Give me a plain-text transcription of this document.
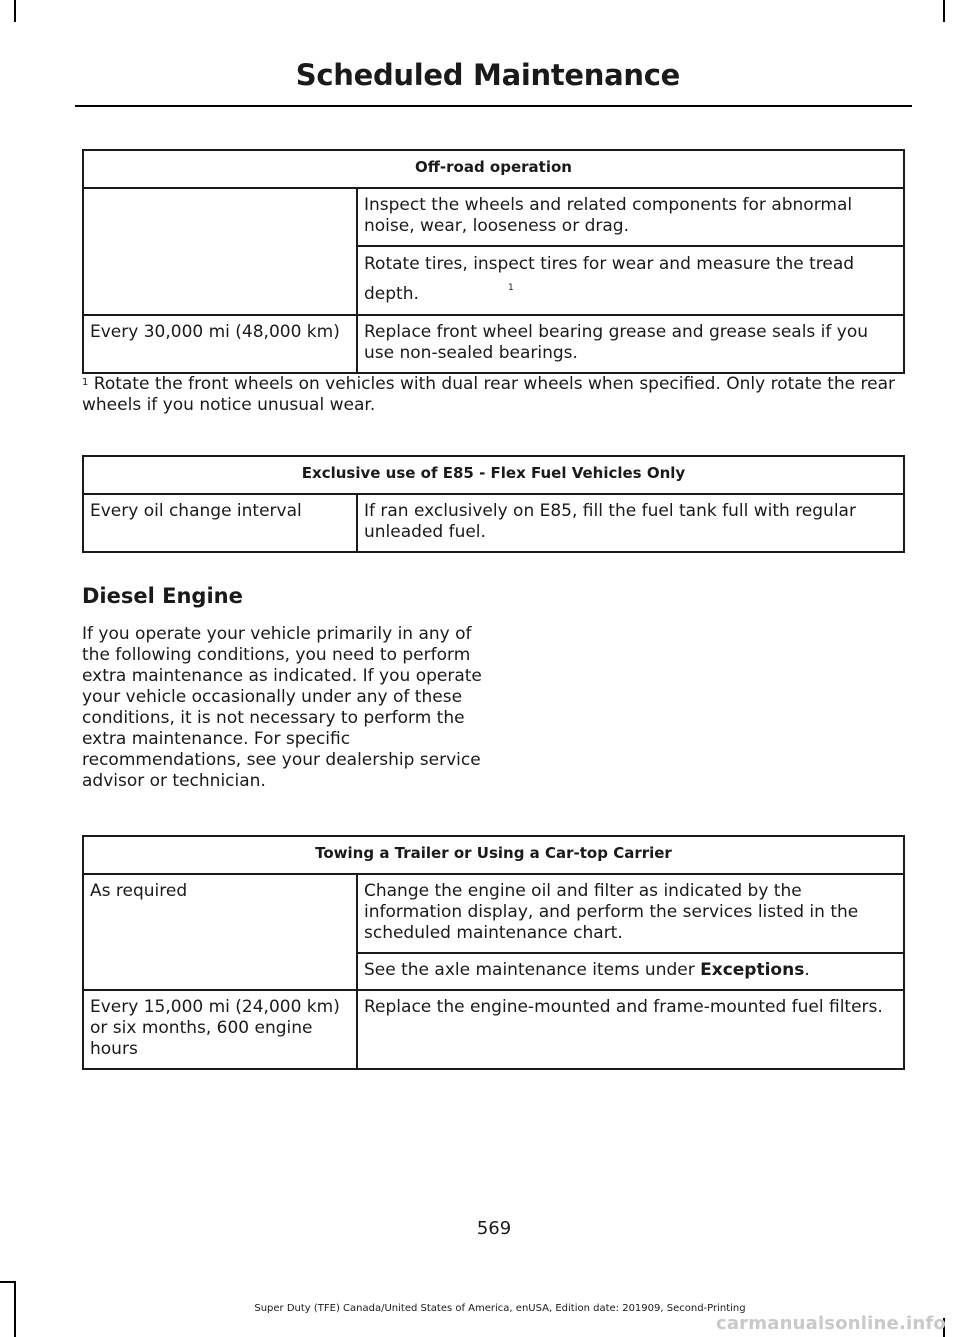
Scheduled Maintenance
Off-road operation	
	Inspect the wheels and related components for abnormal noise, wear, looseness or drag.

	Rotate tires, inspect tires for wear and measure the tread depth. 1

Every 30,000 mi (48,000 km)	Replace front wheel bearing grease and grease seals if you use non-sealed bearings.
$^1$ Rotate the front wheels on vehicles with dual rear wheels when specified. Only rotate the rear wheels if you notice unusual wear.
Exclusive use of E85 - Flex Fuel Vehicles Only
Every oil change interval	If ran exclusively on E85, fill the fuel tank full with regular unleaded fuel.
Diesel Engine
If you operate your vehicle primarily in any of the following conditions, you need to perform extra maintenance as indicated. If you operate your vehicle occasionally under any of these conditions, it is not necessary to perform the extra maintenance. For specific recommendations, see your dealership service advisor or technician.
Towing a Trailer or Using a Car-top Carrier	
As required	Change the engine oil and filter as indicated by the information display, and perform the services listed in the scheduled maintenance chart.
	See the axle maintenance items under Exceptions.
Every 15,000 mi (24,000 km) or six months, 600 engine hours	Replace the engine-mounted and frame-mounted fuel filters.
569
Super Duty (TFE) Canada/United States of America, enUSA, Edition date: 201909, Second-Printing
carmanualsonline.info
